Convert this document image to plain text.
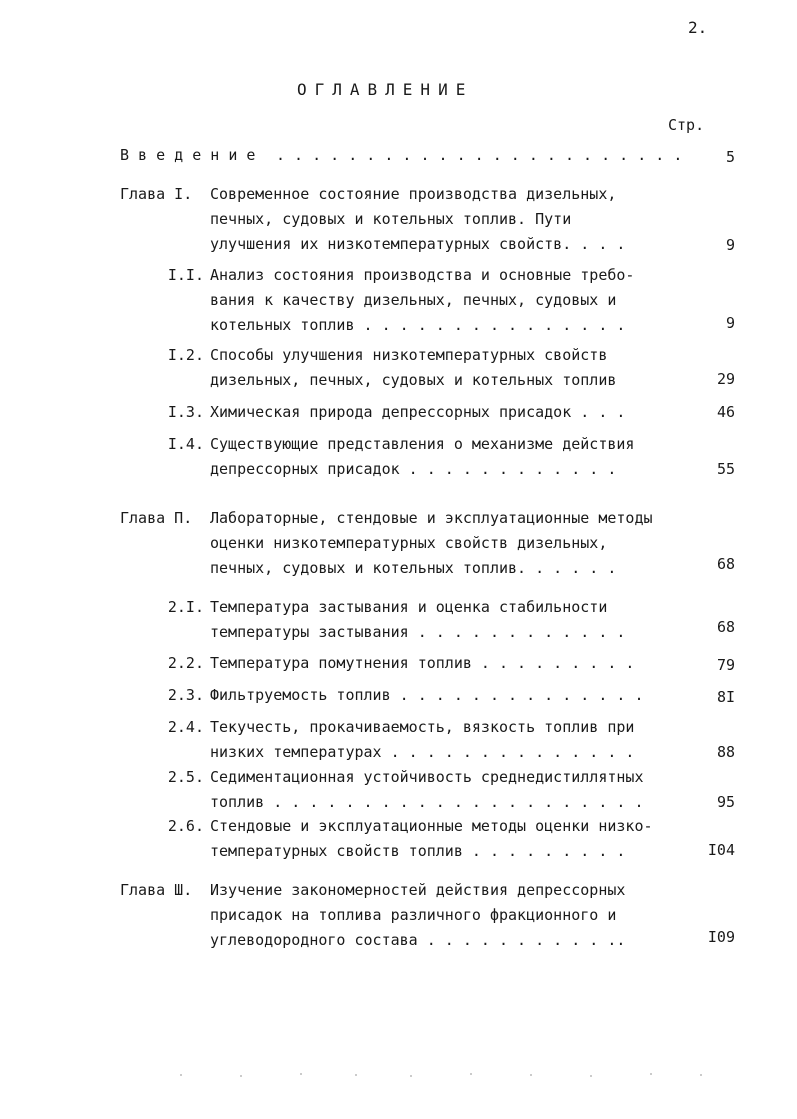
2.
ОГЛАВЛЕНИЕ
Стр.
В в е д е н и е . . . . . . . . . . . . . . . . . . . . . . .	5
Глава I. Современное состояние производства дизельных,
печных, судовых и котельных топлив. Пути
улучшения их низкотемпературных свойств. . . .	9
I.I. Анализ состояния производства и основные требо-
вания к качеству дизельных, печных, судовых и
котельных топлив . . . . . . . . . . . . . . .	9
I.2. Способы улучшения низкотемпературных свойств
дизельных, печных, судовых и котельных топлив	29
I.3. Химическая природа депрессорных присадок . . .	46
I.4. Существующие представления о механизме действия
депрессорных присадок . . . . . . . . . . . .	55
Глава П. Лабораторные, стендовые и эксплуатационные методы
оценки низкотемпературных свойств дизельных,
печных, судовых и котельных топлив. . . . . .	68
2.I. Температура застывания и оценка стабильности
температуры застывания . . . . . . . . . . . .	68
2.2. Температура помутнения топлив . . . . . . . . .	79
2.3. Фильтруемость топлив . . . . . . . . . . . . . .	8I
2.4. Текучесть, прокачиваемость, вязкость топлив при
низких температурах . . . . . . . . . . . . . .	88
2.5. Седиментационная устойчивость среднедистиллятных
топлив . . . . . . . . . . . . . . . . . . . . .	95
2.6. Стендовые и эксплуатационные методы оценки низко-
температурных свойств топлив . . . . . . . . .	I04
Глава Ш. Изучение закономерностей действия депрессорных
присадок на топлива различного фракционного и
углеводородного состава . . . . . . . . . . ..	I09
